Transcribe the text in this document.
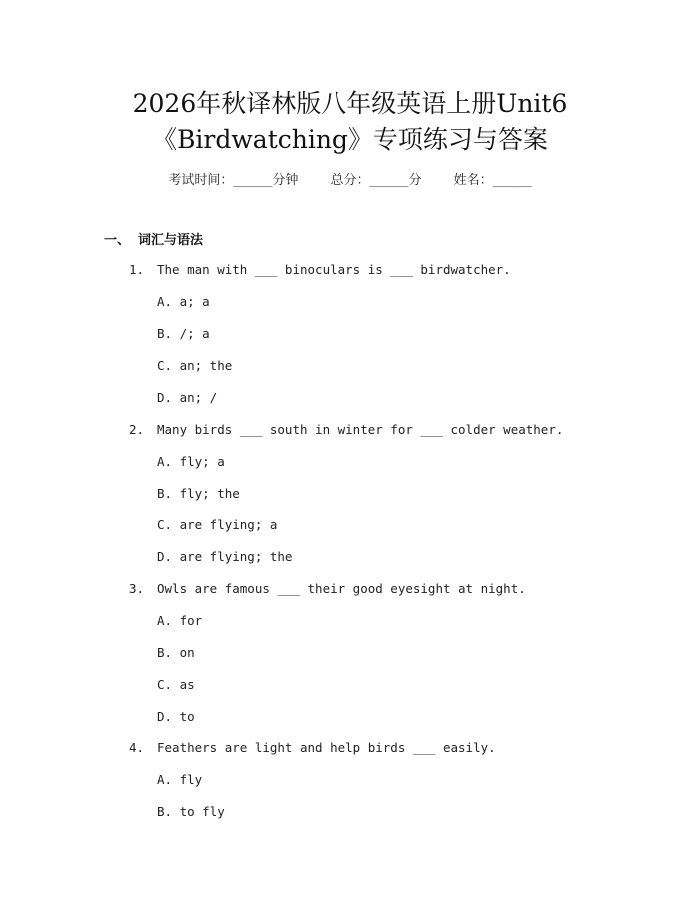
2026年秋译林版八年级英语上册Unit6
《Birdwatching》专项练习与答案
考试时间：______分钟 总分：______分 姓名：______
一、 词汇与语法
1.	The man with ___ binoculars is ___ birdwatcher.
A. a; a
B. /; a
C. an; the
D. an; /
2.	Many birds ___ south in winter for ___ colder weather.
A. fly; a
B. fly; the
C. are flying; a
D. are flying; the
3.	Owls are famous ___ their good eyesight at night.
A. for
B. on
C. as
D. to
4.	Feathers are light and help birds ___ easily.
A. fly
B. to fly
